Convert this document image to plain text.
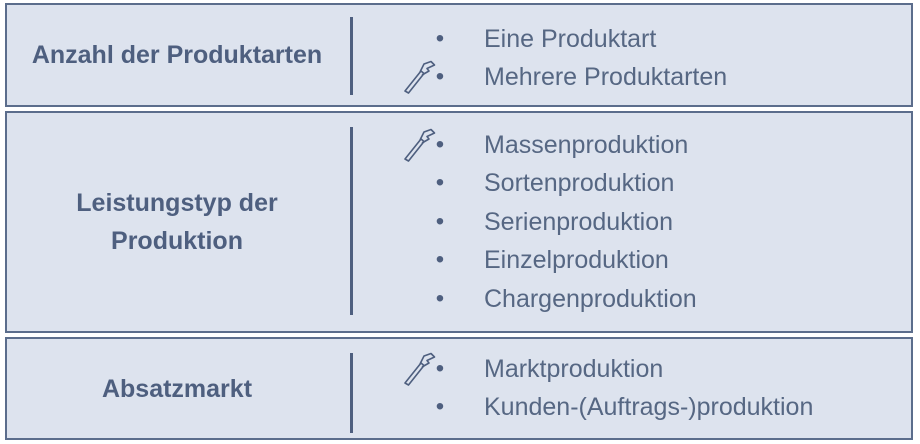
Anzahl der Produktarten
• Eine Produktart
• Mehrere Produktarten
Leistungstyp der
Produktion
• Massenproduktion
• Sortenproduktion
• Serienproduktion
• Einzelproduktion
• Chargenproduktion
Absatzmarkt
• Marktproduktion
• Kunden-(Auftrags-)produktion
